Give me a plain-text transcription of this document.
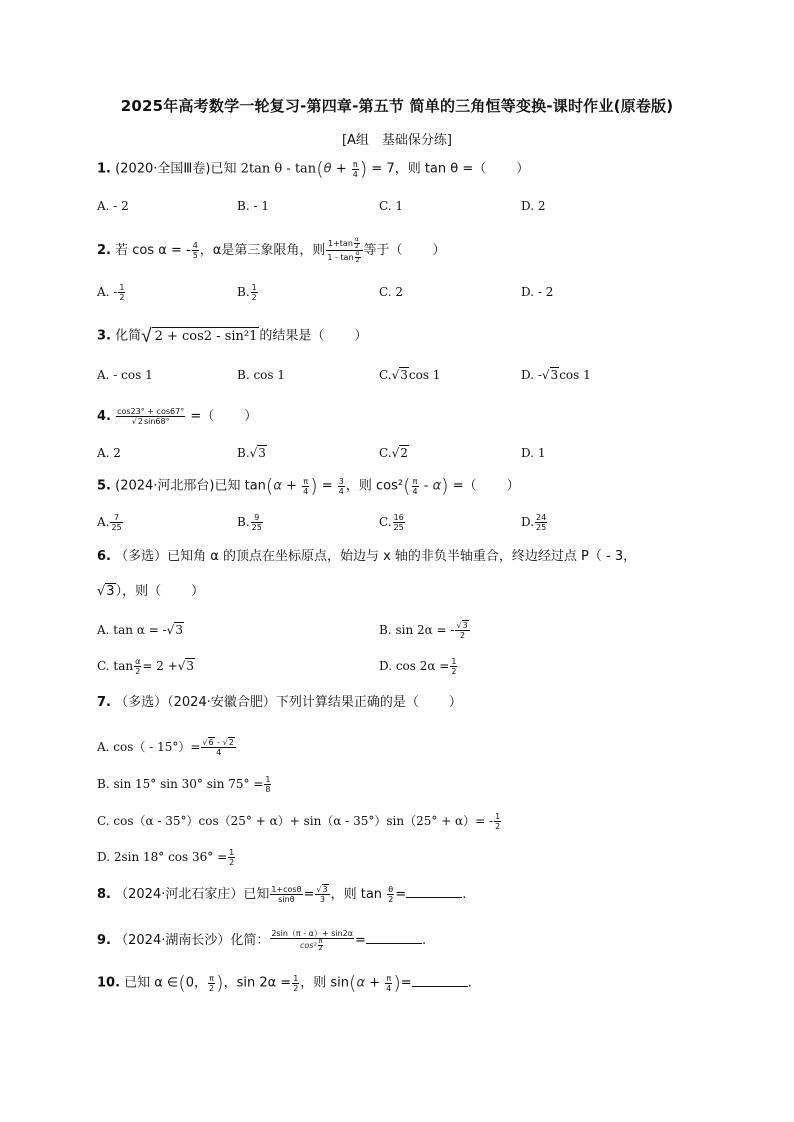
2025年高考数学一轮复习-第四章-第五节 简单的三角恒等变换-课时作业(原卷版)
[A组　基础保分练]
1. (2020·全国Ⅲ卷)已知 2tan $\theta - \tan(\theta + \frac{\pi}{4}$ ) = 7，则 tan θ =（ ）
A. - 2	B. - 1	C. 1	D. 2
2. 若 cos α = - $\frac{4}{5}$ ，α是第三象限角，则 $\frac{1+\tan \frac{\alpha}{2}}{1 - \tan \frac{\alpha}{2}}$ 等于（ ）
A. - $\frac{1}{2}$	B. $\frac{1}{2}$	C. 2	D. - 2
3. 化简√ 2 + cos2 - sin²1 的结果是（ ）
A. - cos 1	B. cos 1	C.√3cos 1	D. -√3cos 1
4. $\frac{\cos 23^\circ + \cos 67^\circ}{√2\sin 68^\circ}$ =（ ）
A. 2	B.√3	C.√2	D. 1
5. (2024·河北邢台)已知 $\tan(\alpha + \frac{\pi}{4}$ ) = $\frac{3}{4}$ ，则 $\cos^2( \frac{\pi}{4} - \alpha)$ =（ ）
A. $\frac{7}{25}$	B. $\frac{9}{25}$	C. $\frac{16}{25}$	D. $\frac{24}{25}$
6. （多选）已知角 α 的顶点在坐标原点，始边与 x 轴的非负半轴重合，终边经过点 P（ - 3，
√3），则（ ）
A. tan α = -√3	B. sin 2α = - $\frac{√3}{2}$
C. $\tan \frac{\alpha}{2} = 2 +√3$	D. $\cos 2\alpha = \frac{1}{2}$
7. （多选）（2024·安徽合肥）下列计算结果正确的是（ ）
A. $\cos( - 15^\circ)= \frac{√6 - √2}{4}$
B. sin 15° sin 30° $\sin 75^\circ = \frac{1}{8}$
C. $\cos(\alpha - 35^\circ)\cos(25^\circ + \alpha)+ \sin(\alpha - 35^\circ)\sin(25^\circ + \alpha)= - \frac{1}{2}$
D. 2sin 18° $\cos 36^\circ = \frac{1}{2}$
8. （2024·河北石家庄）已知 $\frac{1+\cos\theta}{\sin\theta} = \frac{√3}{3}$ ，则 $\tan \frac{\theta}{2}$ =	.
9. （2024·湖南长沙）化简： $\frac{2\sin(\pi - \alpha)+ \sin 2\alpha}{\cos^2 \frac{\pi}{2}}$ =	.
10. 已知 α ∈(0， $\frac{\pi}{2}$ )，$\sin 2\alpha = \frac{1}{2}$ ，则 $\sin(\alpha + \frac{\pi}{4}$ )=	.
